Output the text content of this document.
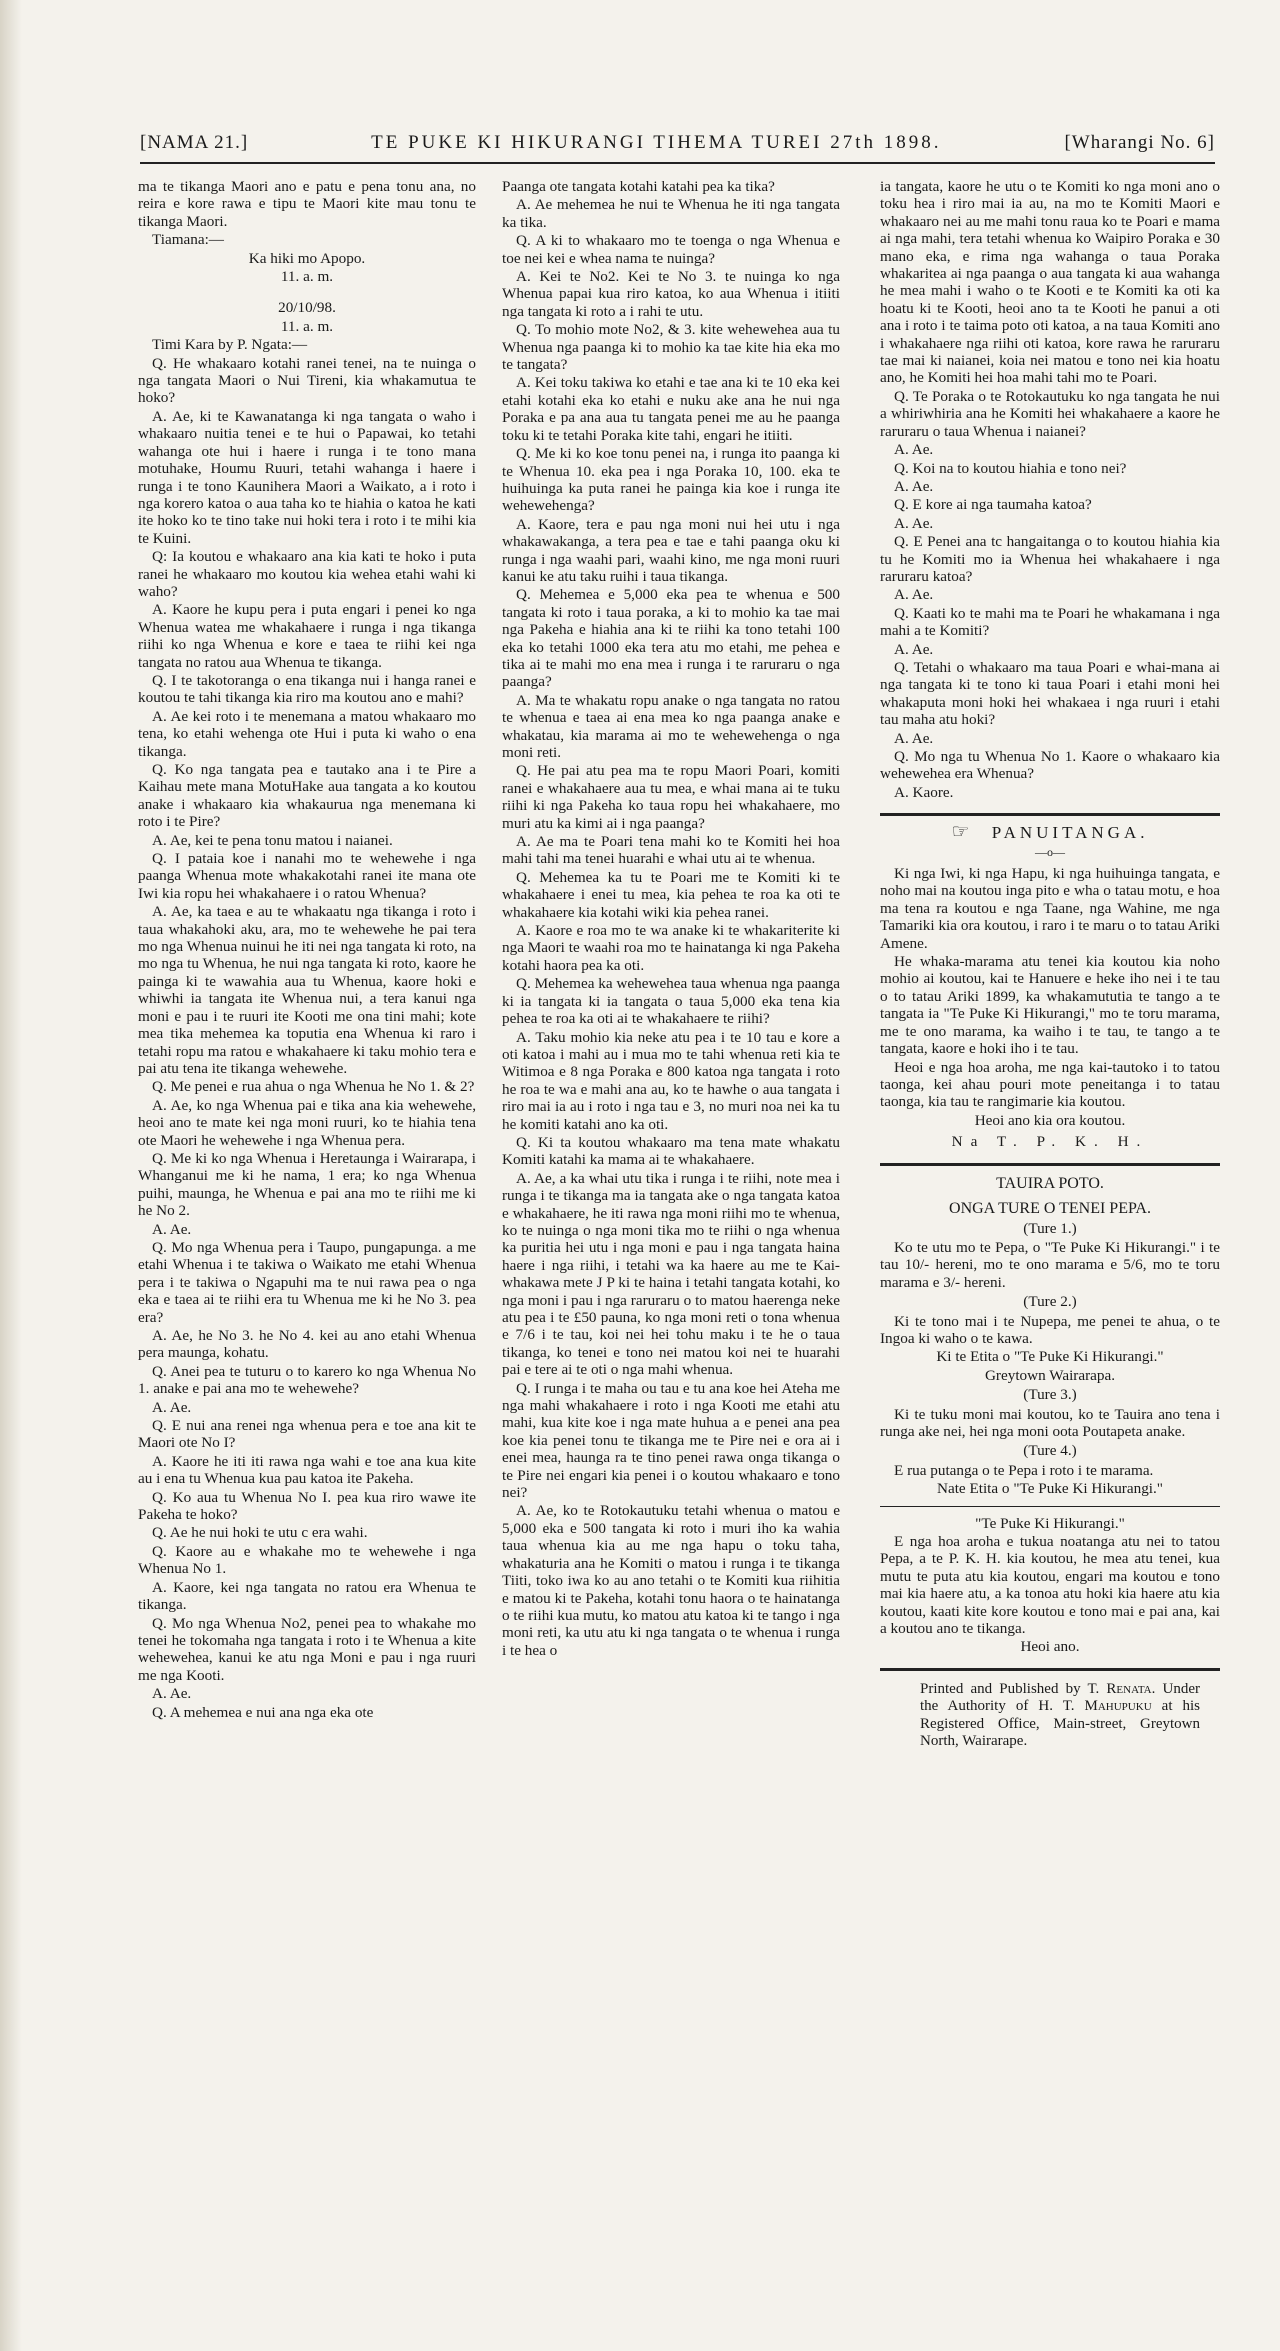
[NAMA 21.]	TE PUKE KI HIKURANGI TIHEMA TUREI 27th 1898.	[Wharangi No. 6]

ma te tikanga Maori ano e patu e pena tonu ana, no reira e kore rawa e tipu te Maori kite mau tonu te tikanga Maori.

Tiamana:—

Ka hiki mo Apopo.

11. a. m.

20/10/98.

11. a. m.

Timi Kara by P. Ngata:—

Q. He whakaaro kotahi ranei tenei, na te nuinga o nga tangata Maori o Nui Tireni, kia whakamutua te hoko?

A. Ae, ki te Kawanatanga ki nga tangata o waho i whakaaro nuitia tenei e te hui o Papawai, ko tetahi wahanga ote hui i haere i runga i te tono mana motuhake, Houmu Ruuri, tetahi wahanga i haere i runga i te tono Kaunihera Maori a Waikato, a i roto i nga korero katoa o aua taha ko te hiahia o katoa he kati ite hoko ko te tino take nui hoki tera i roto i te mihi kia te Kuini.

Q: Ia koutou e whakaaro ana kia kati te hoko i puta ranei he whakaaro mo koutou kia wehea etahi wahi ki waho?

A. Kaore he kupu pera i puta engari i penei ko nga Whenua watea me whakahaere i runga i nga tikanga riihi ko nga Whenua e kore e taea te riihi kei nga tangata no ratou aua Whenua te tikanga.

Q. I te takotoranga o ena tikanga nui i hanga ranei e koutou te tahi tikanga kia riro ma koutou ano e mahi?

A. Ae kei roto i te menemana a matou whakaaro mo tena, ko etahi wehenga ote Hui i puta ki waho o ena tikanga.

Q. Ko nga tangata pea e tautako ana i te Pire a Kaihau mete mana MotuHake aua tangata a ko koutou anake i whakaaro kia whakaurua nga menemana ki roto i te Pire?

A. Ae, kei te pena tonu matou i naianei.

Q. I pataia koe i nanahi mo te wehewehe i nga paanga Whenua mote whakakotahi ranei ite mana ote Iwi kia ropu hei whakahaere i o ratou Whenua?

A. Ae, ka taea e au te whakaatu nga tikanga i roto i taua whakahoki aku, ara, mo te wehewehe he pai tera mo nga Whenua nuinui he iti nei nga tangata ki roto, na mo nga tu Whenua, he nui nga tangata ki roto, kaore he painga ki te wawahia aua tu Whenua, kaore hoki e whiwhi ia tangata ite Whenua nui, a tera kanui nga moni e pau i te ruuri ite Kooti me ona tini mahi; kote mea tika mehemea ka toputia ena Whenua ki raro i tetahi ropu ma ratou e whakahaere ki taku mohio tera e pai atu tena ite tikanga wehewehe.

Q. Me penei e rua ahua o nga Whenua he No 1. & 2?

A. Ae, ko nga Whenua pai e tika ana kia wehewehe, heoi ano te mate kei nga moni ruuri, ko te hiahia tena ote Maori he wehewehe i nga Whenua pera.

Q. Me ki ko nga Whenua i Heretaunga i Wairarapa, i Whanganui me ki he nama, 1 era; ko nga Whenua puihi, maunga, he Whenua e pai ana mo te riihi me ki he No 2.

A. Ae.

Q. Mo nga Whenua pera i Taupo, pungapunga. a me etahi Whenua i te takiwa o Waikato me etahi Whenua pera i te takiwa o Ngapuhi ma te nui rawa pea o nga eka e taea ai te riihi era tu Whenua me ki he No 3. pea era?

A. Ae, he No 3. he No 4. kei au ano etahi Whenua pera maunga, kohatu.

Q. Anei pea te tuturu o to karero ko nga Whenua No 1. anake e pai ana mo te wehewehe?

A. Ae.

Q. E nui ana renei nga whenua pera e toe ana kit te Maori ote No I?

A. Kaore he iti iti rawa nga wahi e toe ana kua kite au i ena tu Whenua kua pau katoa ite Pakeha.

Q. Ko aua tu Whenua No I. pea kua riro wawe ite Pakeha te hoko?

Q. Ae he nui hoki te utu c era wahi.

Q. Kaore au e whakahe mo te wehewehe i nga Whenua No 1.

A. Kaore, kei nga tangata no ratou era Whenua te tikanga.

Q. Mo nga Whenua No2, penei pea to whakahe mo tenei he tokomaha nga tangata i roto i te Whenua a kite wehewehea, kanui ke atu nga Moni e pau i nga ruuri me nga Kooti.

A. Ae.

Q. A mehemea e nui ana nga eka ote

Paanga ote tangata kotahi katahi pea ka tika?

A. Ae mehemea he nui te Whenua he iti nga tangata ka tika.

Q. A ki to whakaaro mo te toenga o nga Whenua e toe nei kei e whea nama te nuinga?

A. Kei te No2. Kei te No 3. te nuinga ko nga Whenua papai kua riro katoa, ko aua Whenua i itiiti nga tangata ki roto a i rahi te utu.

Q. To mohio mote No2, & 3. kite wehewehea aua tu Whenua nga paanga ki to mohio ka tae kite hia eka mo te tangata?

A. Kei toku takiwa ko etahi e tae ana ki te 10 eka kei etahi kotahi eka ko etahi e nuku ake ana he nui nga Poraka e pa ana aua tu tangata penei me au he paanga toku ki te tetahi Poraka kite tahi, engari he itiiti.

Q. Me ki ko koe tonu penei na, i runga ito paanga ki te Whenua 10. eka pea i nga Poraka 10, 100. eka te huihuinga ka puta ranei he painga kia koe i runga ite wehewehenga?

A. Kaore, tera e pau nga moni nui hei utu i nga whakawakanga, a tera pea e tae e tahi paanga oku ki runga i nga waahi pari, waahi kino, me nga moni ruuri kanui ke atu taku ruihi i taua tikanga.

Q. Mehemea e 5,000 eka pea te whenua e 500 tangata ki roto i taua poraka, a ki to mohio ka tae mai nga Pakeha e hiahia ana ki te riihi ka tono tetahi 100 eka ko tetahi 1000 eka tera atu mo etahi, me pehea e tika ai te mahi mo ena mea i runga i te raruraru o nga paanga?

A. Ma te whakatu ropu anake o nga tangata no ratou te whenua e taea ai ena mea ko nga paanga anake e whakatau, kia marama ai mo te wehewehenga o nga moni reti.

Q. He pai atu pea ma te ropu Maori Poari, komiti ranei e whakahaere aua tu mea, e whai mana ai te tuku riihi ki nga Pakeha ko taua ropu hei whakahaere, mo muri atu ka kimi ai i nga paanga?

A. Ae ma te Poari tena mahi ko te Komiti hei hoa mahi tahi ma tenei huarahi e whai utu ai te whenua.

Q. Mehemea ka tu te Poari me te Komiti ki te whakahaere i enei tu mea, kia pehea te roa ka oti te whakahaere kia kotahi wiki kia pehea ranei.

A. Kaore e roa mo te wa anake ki te whakariterite ki nga Maori te waahi roa mo te hainatanga ki nga Pakeha kotahi haora pea ka oti.

Q. Mehemea ka wehewehea taua whenua nga paanga ki ia tangata ki ia tangata o taua 5,000 eka tena kia pehea te roa ka oti ai te whakahaere te riihi?

A. Taku mohio kia neke atu pea i te 10 tau e kore a oti katoa i mahi au i mua mo te tahi whenua reti kia te Witimoa e 8 nga Poraka e 800 katoa nga tangata i roto he roa te wa e mahi ana au, ko te hawhe o aua tangata i riro mai ia au i roto i nga tau e 3, no muri noa nei ka tu he komiti katahi ano ka oti.

Q. Ki ta koutou whakaaro ma tena mate whakatu Komiti katahi ka mama ai te whakahaere.

A. Ae, a ka whai utu tika i runga i te riihi, note mea i runga i te tikanga ma ia tangata ake o nga tangata katoa e whakahaere, he iti rawa nga moni riihi mo te whenua, ko te nuinga o nga moni tika mo te riihi o nga whenua ka puritia hei utu i nga moni e pau i nga tangata haina haere i nga riihi, i tetahi wa ka haere au me te Kai-whakawa mete J P ki te haina i tetahi tangata kotahi, ko nga moni i pau i nga raruraru o to matou haerenga neke atu pea i te £50 pauna, ko nga moni reti o tona whenua e 7/6 i te tau, koi nei hei tohu maku i te he o taua tikanga, ko tenei e tono nei matou koi nei te huarahi pai e tere ai te oti o nga mahi whenua.

Q. I runga i te maha ou tau e tu ana koe hei Ateha me nga mahi whakahaere i roto i nga Kooti me etahi atu mahi, kua kite koe i nga mate huhua a e penei ana pea koe kia penei tonu te tikanga me te Pire nei e ora ai i enei mea, haunga ra te tino penei rawa onga tikanga o te Pire nei engari kia penei i o koutou whakaaro e tono nei?

A. Ae, ko te Rotokautuku tetahi whenua o matou e 5,000 eka e 500 tangata ki roto i muri iho ka wahia taua whenua kia au me nga hapu o toku taha, whakaturia ana he Komiti o matou i runga i te tikanga Tiiti, toko iwa ko au ano tetahi o te Komiti kua riihitia e matou ki te Pakeha, kotahi tonu haora o te hainatanga o te riihi kua mutu, ko matou atu katoa ki te tango i nga moni reti, ka utu atu ki nga tangata o te whenua i runga i te hea o

ia tangata, kaore he utu o te Komiti ko nga moni ano o toku hea i riro mai ia au, na mo te Komiti Maori e whakaaro nei au me mahi tonu raua ko te Poari e mama ai nga mahi, tera tetahi whenua ko Waipiro Poraka e 30 mano eka, e rima nga wahanga o taua Poraka whakaritea ai nga paanga o aua tangata ki aua wahanga he mea mahi i waho o te Kooti e te Komiti ka oti ka hoatu ki te Kooti, heoi ano ta te Kooti he panui a oti ana i roto i te taima poto oti katoa, a na taua Komiti ano i whakahaere nga riihi oti katoa, kore rawa he raruraru tae mai ki naianei, koia nei matou e tono nei kia hoatu ano, he Komiti hei hoa mahi tahi mo te Poari.

Q. Te Poraka o te Rotokautuku ko nga tangata he nui a whiriwhiria ana he Komiti hei whakahaere a kaore he raruraru o taua Whenua i naianei?

A. Ae.

Q. Koi na to koutou hiahia e tono nei?

A. Ae.

Q. E kore ai nga taumaha katoa?

A. Ae.

Q. E Penei ana tc hangaitanga o to koutou hiahia kia tu he Komiti mo ia Whenua hei whakahaere i nga raruraru katoa?

A. Ae.

Q. Kaati ko te mahi ma te Poari he whakamana i nga mahi a te Komiti?

A. Ae.

Q. Tetahi o whakaaro ma taua Poari e whai-mana ai nga tangata ki te tono ki taua Poari i etahi moni hei whakaputa moni hoki hei whakaea i nga ruuri i etahi tau maha atu hoki?

A. Ae.

Q. Mo nga tu Whenua No 1. Kaore o whakaaro kia wehewehea era Whenua?

A. Kaore.

☞ PANUITANGA.
—o—

Ki nga Iwi, ki nga Hapu, ki nga huihuinga tangata, e noho mai na koutou inga pito e wha o tatau motu, e hoa ma tena ra koutou e nga Taane, nga Wahine, me nga Tamariki kia ora koutou, i raro i te maru o to tatau Ariki Amene.

He whaka-marama atu tenei kia koutou kia noho mohio ai koutou, kai te Hanuere e heke iho nei i te tau o to tatau Ariki 1899, ka whakamututia te tango a te tangata ia "Te Puke Ki Hikurangi," mo te toru marama, me te ono marama, ka waiho i te tau, te tango a te tangata, kaore e hoki iho i te tau.

Heoi e nga hoa aroha, me nga kai-tautoko i to tatou taonga, kei ahau pouri mote peneitanga i to tatau taonga, kia tau te rangimarie kia koutou.

Heoi ano kia ora koutou.

Na T. P. K. H.
TAUIRA POTO.
ONGA TURE O TENEI PEPA.
(Ture 1.)

Ko te utu mo te Pepa, o "Te Puke Ki Hikurangi." i te tau 10/- hereni, mo te ono marama e 5/6, mo te toru marama e 3/- hereni.

(Ture 2.)

Ki te tono mai i te Nupepa, me penei te ahua, o te Ingoa ki waho o te kawa.

Ki te Etita o "Te Puke Ki Hikurangi."

Greytown Wairarapa.

(Ture 3.)

Ki te tuku moni mai koutou, ko te Tauira ano tena i runga ake nei, hei nga moni oota Poutapeta anake.

(Ture 4.)

E rua putanga o te Pepa i roto i te marama.

Nate Etita o "Te Puke Ki Hikurangi."

"Te Puke Ki Hikurangi."

E nga hoa aroha e tukua noatanga atu nei to tatou Pepa, a te P. K. H. kia koutou, he mea atu tenei, kua mutu te puta atu kia koutou, engari ma koutou e tono mai kia haere atu, a ka tonoa atu hoki kia haere atu kia koutou, kaati kite kore koutou e tono mai e pai ana, kai a koutou ano te tikanga.

Heoi ano.

Printed and Published by T. Renata. Under the Authority of H. T. Mahupuku at his Registered Office, Main-street, Greytown North, Wairarape.
